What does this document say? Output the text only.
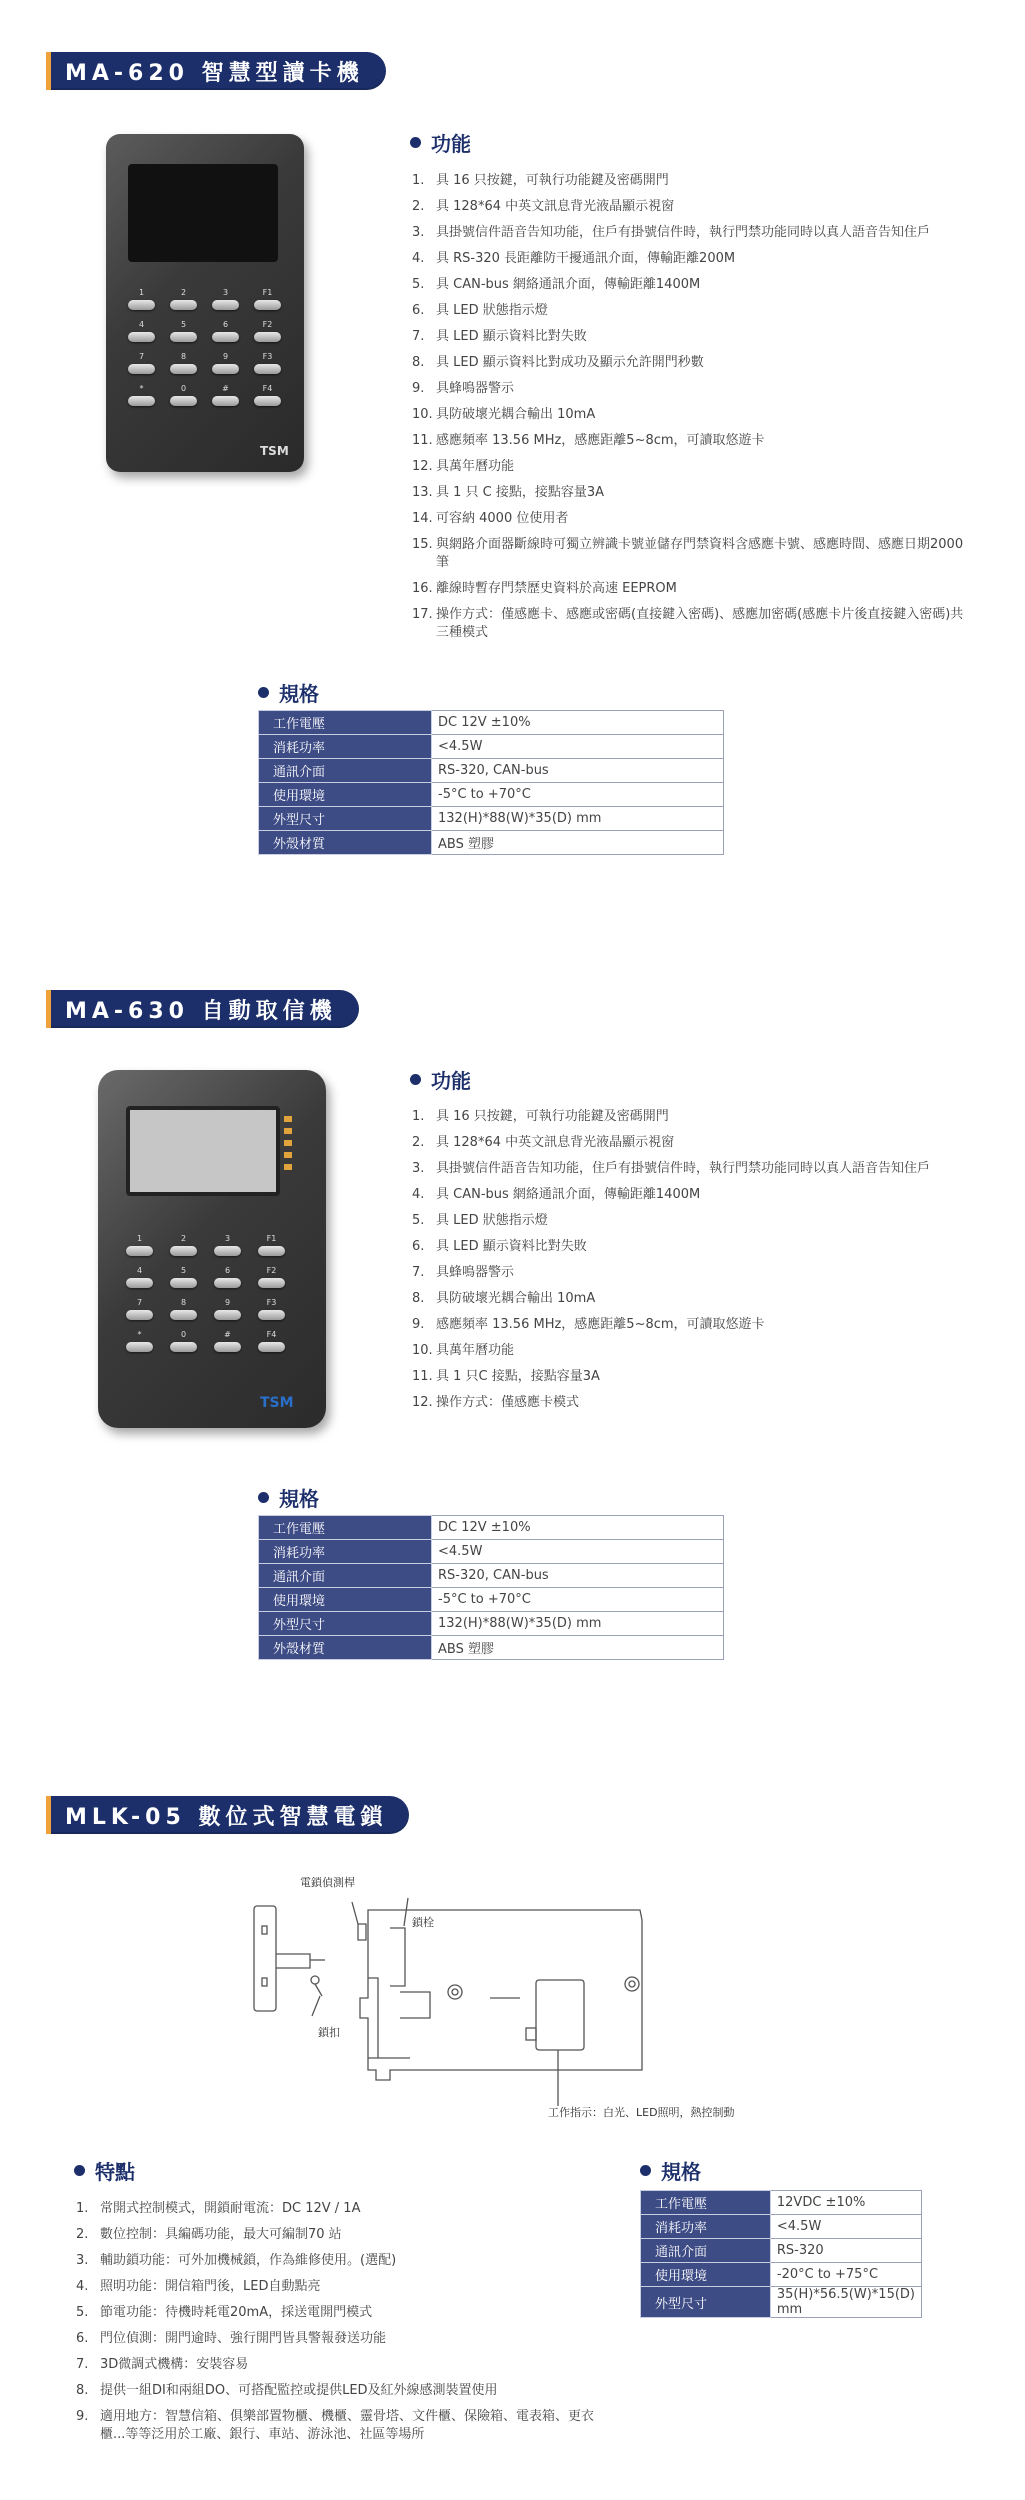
MA-620 智慧型讀卡機
1	2	3	F1
4	5	6	F2
7	8	9	F3
*	0	#	F4
TSM
功能
1. 具 16 只按鍵，可執行功能鍵及密碼開門
2. 具 128*64 中英文訊息背光液晶顯示視窗
3. 具掛號信件語音告知功能，住戶有掛號信件時，執行門禁功能同時以真人語音告知住戶
4. 具 RS-320 長距離防干擾通訊介面，傳輸距離200M
5. 具 CAN-bus 網絡通訊介面，傳輸距離1400M
6. 具 LED 狀態指示燈
7. 具 LED 顯示資料比對失敗
8. 具 LED 顯示資料比對成功及顯示允許開門秒數
9. 具蜂鳴器警示
10. 具防破壞光耦合輸出 10mA
11. 感應頻率 13.56 MHz，感應距離5~8cm，可讀取悠遊卡
12. 具萬年曆功能
13. 具 1 只 C 接點，接點容量3A
14. 可容納 4000 位使用者
15. 與網路介面器斷線時可獨立辨識卡號並儲存門禁資料含感應卡號、感應時間、感應日期2000 筆
16. 離線時暫存門禁歷史資料於高速 EEPROM
17. 操作方式：僅感應卡、感應或密碼(直接鍵入密碼)、感應加密碼(感應卡片後直接鍵入密碼)共三種模式
規格
工作電壓	DC 12V ±10%
消耗功率	<4.5W
通訊介面	RS-320, CAN-bus
使用環境	-5°C to +70°C
外型尺寸	132(H)*88(W)*35(D) mm
外殼材質	ABS 塑膠
MA-630 自動取信機
1	2	3	F1
4	5	6	F2
7	8	9	F3
*	0	#	F4
TSM
功能
1. 具 16 只按鍵，可執行功能鍵及密碼開門
2. 具 128*64 中英文訊息背光液晶顯示視窗
3. 具掛號信件語音告知功能，住戶有掛號信件時，執行門禁功能同時以真人語音告知住戶
4. 具 CAN-bus 網絡通訊介面，傳輸距離1400M
5. 具 LED 狀態指示燈
6. 具 LED 顯示資料比對失敗
7. 具蜂鳴器警示
8. 具防破壞光耦合輸出 10mA
9. 感應頻率 13.56 MHz，感應距離5~8cm，可讀取悠遊卡
10. 具萬年曆功能
11. 具 1 只C 接點，接點容量3A
12. 操作方式：僅感應卡模式
規格
工作電壓	DC 12V ±10%
消耗功率	<4.5W
通訊介面	RS-320, CAN-bus
使用環境	-5°C to +70°C
外型尺寸	132(H)*88(W)*35(D) mm
外殼材質	ABS 塑膠
MLK-05 數位式智慧電鎖
電鎖偵測桿
鎖栓
鎖扣
工作指示：白光、LED照明，熱控制動
特點
1. 常開式控制模式，開鎖耐電流：DC 12V / 1A
2. 數位控制：具編碼功能，最大可編制70 站
3. 輔助鎖功能：可外加機械鎖，作為維修使用。(選配)
4. 照明功能：開信箱門後，LED自動點亮
5. 節電功能：待機時耗電20mA，採送電開門模式
6. 門位偵測：開門逾時、強行開門皆具警報發送功能
7. 3D微調式機構：安裝容易
8. 提供一組DI和兩組DO、可搭配監控或提供LED及紅外線感測裝置使用
9. 適用地方：智慧信箱、俱樂部置物櫃、機櫃、靈骨塔、文件櫃、保險箱、電表箱、更衣櫃...等等泛用於工廠、銀行、車站、游泳池、社區等場所
規格
工作電壓	12VDC ±10%
消耗功率	<4.5W
通訊介面	RS-320
使用環境	-20°C to +75°C
外型尺寸	35(H)*56.5(W)*15(D) mm
